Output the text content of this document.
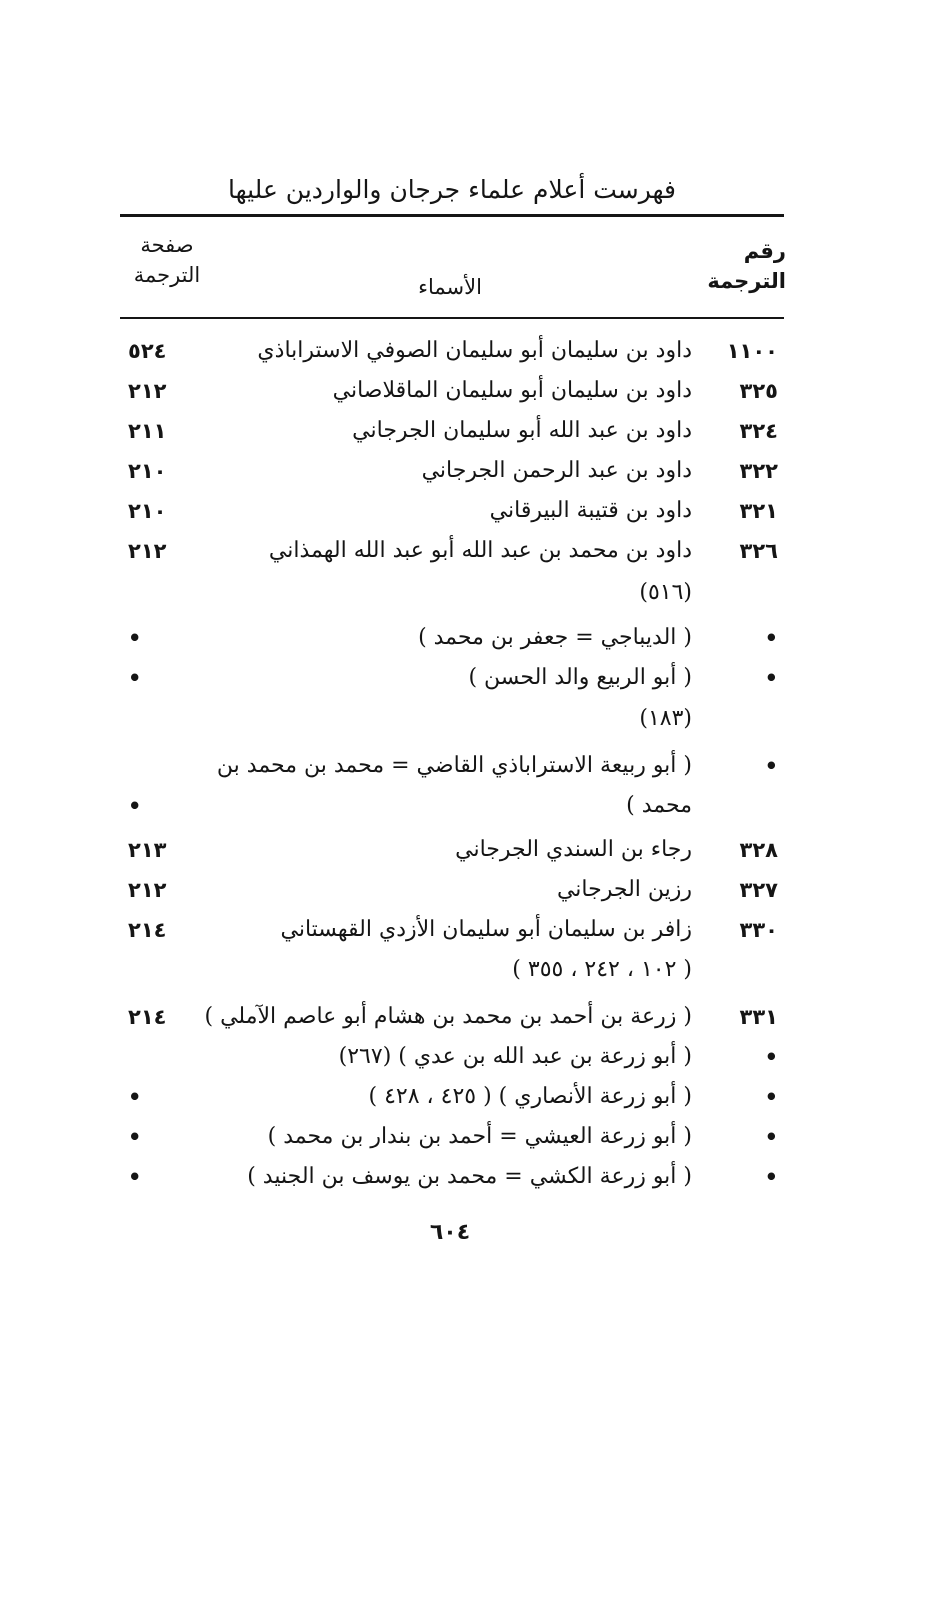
فهرست أعلام علماء جرجان والواردين عليها
رقم
الترجمة
الأسماء
صفحة
الترجمة
١١٠٠
داود بن سليمان أبو سليمان الصوفي الاستراباذي
٥٢٤
٣٢٥
داود بن سليمان أبو سليمان الماقلاصاني
٢١٢
٣٢٤
داود بن عبد الله أبو سليمان الجرجاني
٢١١
٣٢٢
داود بن عبد الرحمن الجرجاني
٢١٠
٣٢١
داود بن قتيبة البيرقاني
٢١٠
٣٢٦
داود بن محمد بن عبد الله أبو عبد الله الهمذاني
٢١٢
(٥١٦)
•
( الديباجي = جعفر بن محمد )
•
•
( أبو الربيع والد الحسن )
•
(١٨٣)
•
( أبو ربيعة الاستراباذي القاضي = محمد بن محمد بن
محمد )
•
٣٢٨
رجاء بن السندي الجرجاني
٢١٣
٣٢٧
رزين الجرجاني
٢١٢
٣٣٠
زافر بن سليمان أبو سليمان الأزدي القهستاني
٢١٤
( ١٠٢ ، ٢٤٢ ، ٣٥٥ )
٣٣١
( زرعة بن أحمد بن محمد بن هشام أبو عاصم الآملي )
٢١٤
•
( أبو زرعة بن عبد الله بن عدي ) (٢٦٧)
•
( أبو زرعة الأنصاري ) ( ٤٢٥ ، ٤٢٨ )
•
•
( أبو زرعة العيشي = أحمد بن بندار بن محمد )
•
•
( أبو زرعة الكشي = محمد بن يوسف بن الجنيد )
•
٦٠٤
